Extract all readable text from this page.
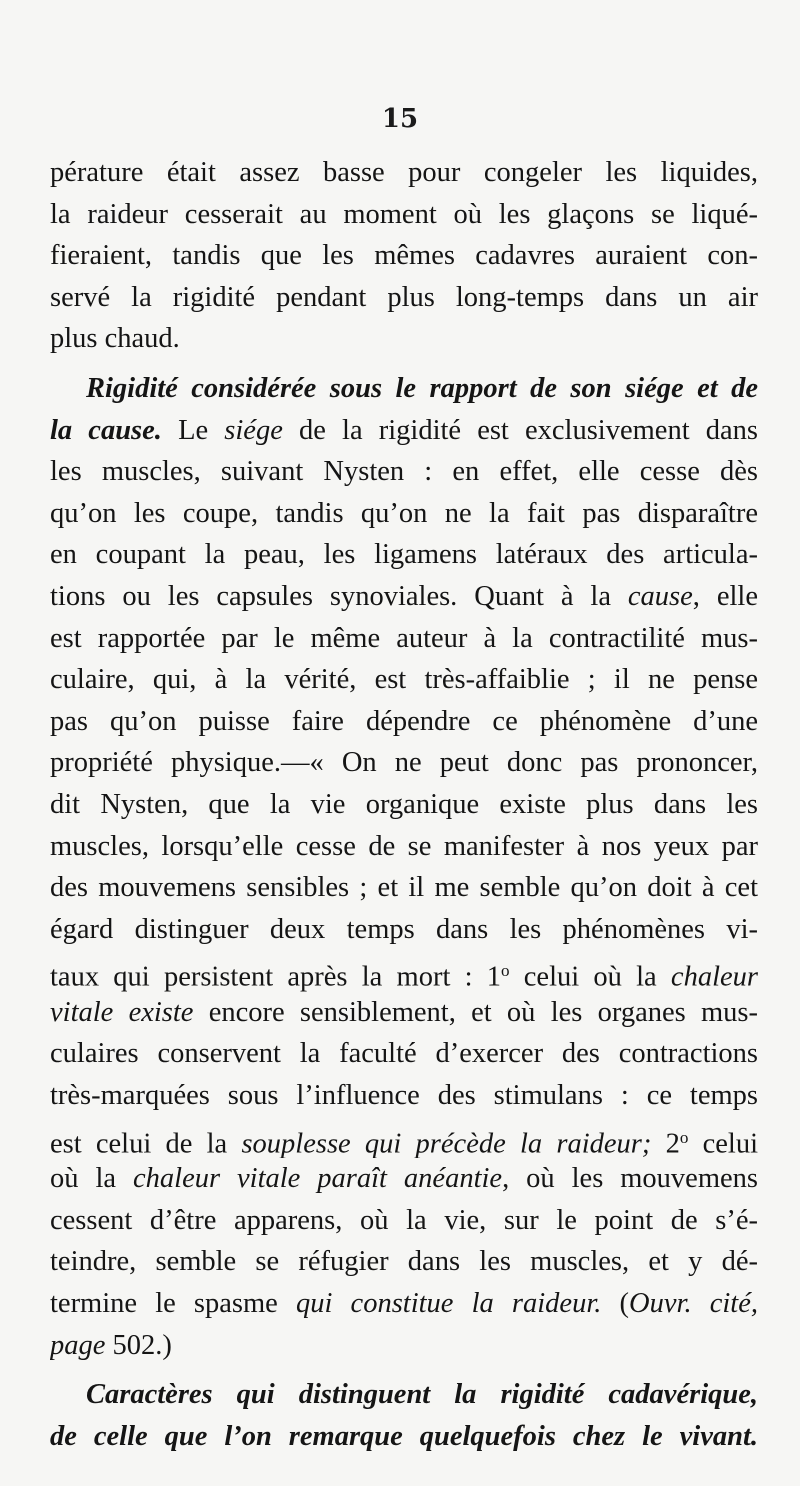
15
pérature était assez basse pour congeler les liquides,
la raideur cesserait au moment où les glaçons se liqué-
fieraient, tandis que les mêmes cadavres auraient con-
servé la rigidité pendant plus long-temps dans un air
plus chaud.
Rigidité considérée sous le rapport de son siége et de
la cause. Le siége de la rigidité est exclusivement dans
les muscles, suivant Nysten : en effet, elle cesse dès
qu’on les coupe, tandis qu’on ne la fait pas disparaître
en coupant la peau, les ligamens latéraux des articula-
tions ou les capsules synoviales. Quant à la cause, elle
est rapportée par le même auteur à la contractilité mus-
culaire, qui, à la vérité, est très-affaiblie ; il ne pense
pas qu’on puisse faire dépendre ce phénomène d’une
propriété physique.—« On ne peut donc pas prononcer,
dit Nysten, que la vie organique existe plus dans les
muscles, lorsqu’elle cesse de se manifester à nos yeux par
des mouvemens sensibles ; et il me semble qu’on doit à cet
égard distinguer deux temps dans les phénomènes vi-
taux qui persistent après la mort : 1$^o$ celui où la chaleur
vitale existe encore sensiblement, et où les organes mus-
culaires conservent la faculté d’exercer des contractions
très-marquées sous l’influence des stimulans : ce temps
est celui de la souplesse qui précède la raideur; 2$^o$ celui
où la chaleur vitale paraît anéantie, où les mouvemens
cessent d’être apparens, où la vie, sur le point de s’é-
teindre, semble se réfugier dans les muscles, et y dé-
termine le spasme qui constitue la raideur. (Ouvr. cité,
page 502.)
Caractères qui distinguent la rigidité cadavérique,
de celle que l’on remarque quelquefois chez le vivant.
